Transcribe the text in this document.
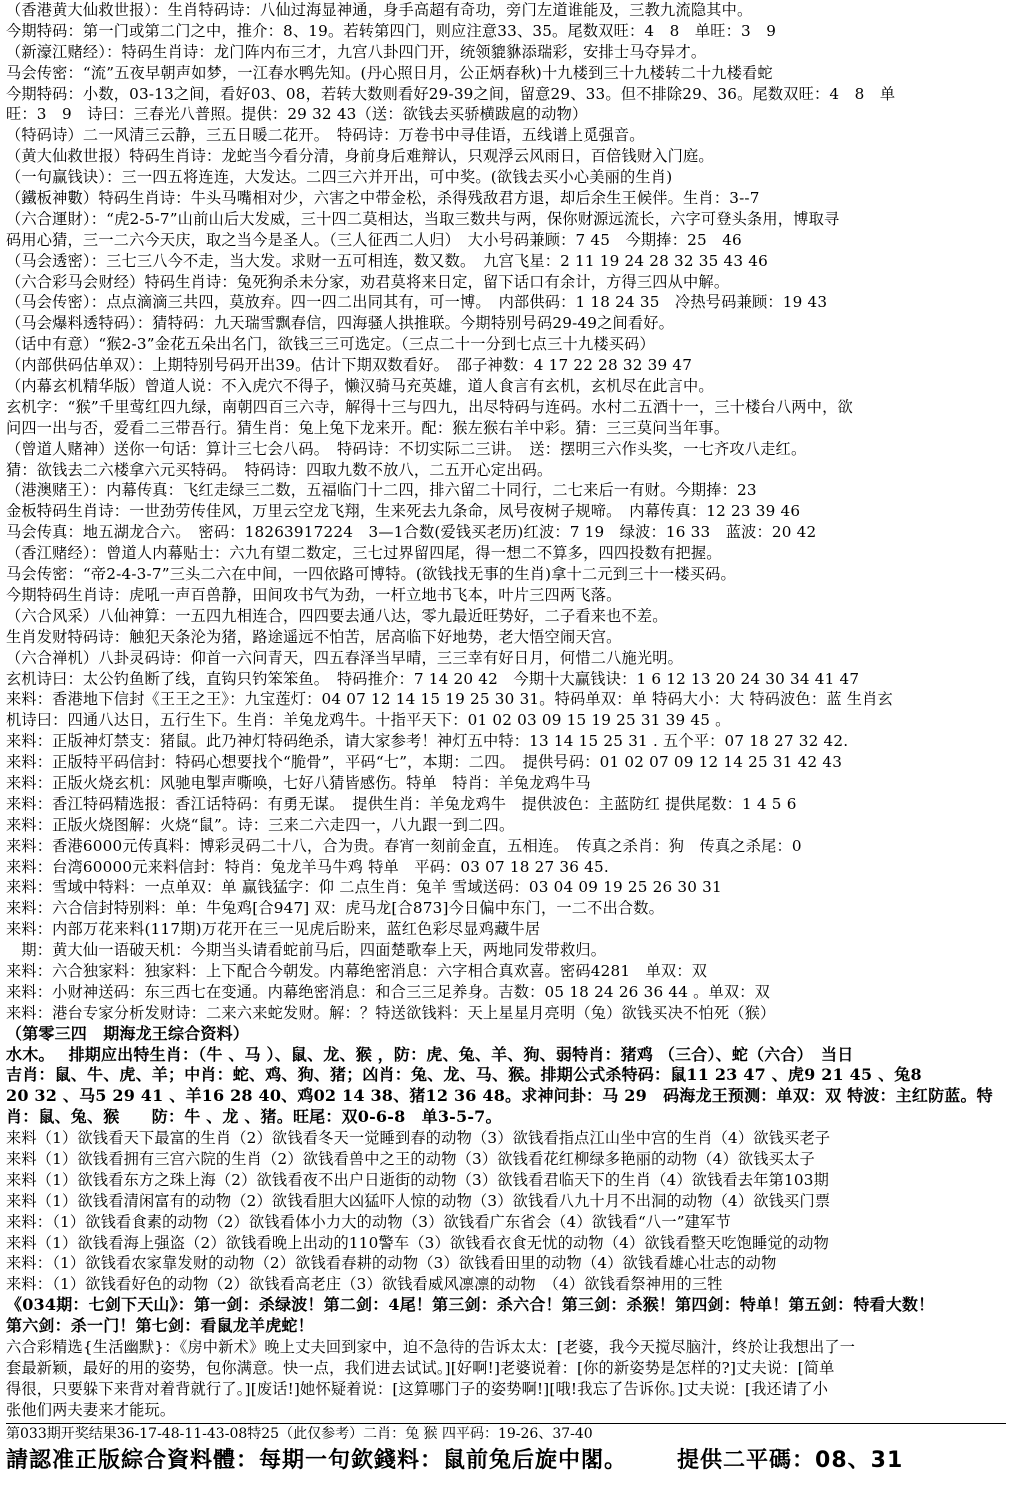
（香港黄大仙救世报）：生肖特码诗：八仙过海显神通，身手高超有奇功，旁门左道谁能及，三教九流隐其中。
今期特码：第一门或第二门之中，推介：8、19。若转第四门，则应注意33、35。尾数双旺：4　8　单旺：3　9
（新濠江赌经）：特码生肖诗：龙门阵内布三才，九宫八卦四门开，统领貔貅添瑞彩，安排士马夺异才。
马会传密：“流”五夜早朝声如梦，一江春水鸭先知。(丹心照日月，公正炳春秋)十九楼到三十九楼转二十九楼看蛇
今期特码：小数，03-13之间，看好03、08，若转大数则看好29-39之间，留意29、33。但不排除29、36。尾数双旺：4　8　单
旺：3　9　诗曰：三春光八普照。提供：29 32 43（送：欲钱去买骄横跋扈的动物）
（特码诗）二一风清三云静，三五日暖二花开。　特码诗：万卷书中寻佳语，五线谱上觅强音。
（黄大仙救世报）特码生肖诗：龙蛇当今看分清，身前身后难辩认，只观浮云风雨日，百倍钱财入门庭。
（一句赢钱诀）：三一四五将连连，大发达。二四三六并开出，可中奖。(欲钱去买小心美丽的生肖)
（鐵板神數）特码生肖诗：牛头马嘴相对少，六害之中带金松，杀得残敌君方退，却后余生王候伴。生肖：3--7
（六合運財）：“虎2-5-7”山前山后大发威，三十四二莫相达，当取三数共与两，保你财源远流长，六字可登头条用，博取寻
码用心猜，三一二六今天庆，取之当今是圣人。（三人征西二人归）　大小号码兼顾：7 45　今期捧：25　46
（马会透密）：三七三八今不走，当大发。求财一五可相连，数又数。　九宫飞星：2 11 19 24 28 32 35 43 46
（六合彩马会财经）特码生肖诗：兔死狗杀未分家，劝君莫将来日定，留下话口有余计，方得三四从中解。
（马会传密）：点点滴滴三共四，莫放弃。四一四二出同其有，可一博。　内部供码：1 18 24 35　冷热号码兼顾：19 43
（马会爆料透特码）：猜特码：九天瑞雪飘春信，四海骚人拱推联。今期特别号码29-49之间看好。
（话中有意）“猴2-3”金花五朵出名门，欲钱三三可选定。（三点二十一分到七点三十九楼买码）
（内部供码估单双）：上期特别号码开出39。估计下期双数看好。　邵子神数：4 17 22 28 32 39 47
（内幕玄机精华版）曾道人说：不入虎穴不得子，懒汉骑马充英雄，道人食言有玄机，玄机尽在此言中。
玄机字：“猴”千里莺红四九绿，南朝四百三六寺，解得十三与四九，出尽特码与连码。水村二五酒十一，三十楼台八两中，欲
问四一出与否，爱看二三带吾行。猜生肖：兔上兔下龙来开。配：猴左猴右羊中彩。猜：三三莫问当年事。
（曾道人赌神）送你一句话：算计三七会八码。　特码诗：不切实际二三讲。　送：摆明三六作头奖，一七齐攻八走红。
猜：欲钱去二六楼拿六元买特码。　特码诗：四取九数不放八，二五开心定出码。
（港澳赌王）：内幕传真：飞红走绿三二数，五福临门十二四，排六留二十同行，二七来后一有财。今期捧：23
金板特码生肖诗：一世劲劳传佳风，万里云空龙飞翔，生来死去九条命，凤号夜树子规啼。　内幕传真：12 23 39 46
马会传真：地五湖龙合六。　密码：18263917224　3—1合数(爱钱买老历)红波：7 19　绿波：16 33　蓝波：20 42
（香江赌经）：曾道人内幕贴士：六九有望二数定，三七过界留四尾，得一想二不算多，四四投数有把握。
马会传密：“帝2-4-3-7”三头二六在中间，一四依路可博特。(欲钱找无事的生肖)拿十二元到三十一楼买码。
今期特码生肖诗：虎吼一声百兽静，田间攻书气为劲，一杆立地书飞本，叶片三四两飞落。
（六合风采）八仙神算：一五四九相连合，四四要去通八达，零九最近旺势好，二子看来也不差。
生肖发财特码诗：触犯天条沦为猪，路途遥远不怕苦，居高临下好地势，老大悟空闹天宫。
（六合禅机）八卦灵码诗：仰首一六问青天，四五春泽当早晴，三三幸有好日月，何惜二八施光明。
玄机诗曰：太公钓鱼断了线，直钩只钓笨笨鱼。　特码推介：7 14 20 42　今期十大赢钱诀：1 6 12 13 20 24 30 34 41 47
来料：香港地下信封《王王之王》：九宝莲灯：04 07 12 14 15 19 25 30 31。特码单双：单 特码大小：大 特码波色：蓝 生肖玄
机诗曰：四通八达日，五行生下。生肖：羊兔龙鸡牛。十指平天下：01 02 03 09 15 19 25 31 39 45 。
来料：正版神灯禁支：猪鼠。此乃神灯特码绝杀，请大家参考！神灯五中特：13 14 15 25 31 . 五个平：07 18 27 32 42.
来料：正版特平码信封：特码心想要找个“脆骨”，平码“七”，本期：二四。　提供号码：01 02 07 09 12 14 25 31 42 43
来料：正版火烧玄机：风驰电掣声嘶唤，七好八猜皆感伤。特单　特肖：羊兔龙鸡牛马
来料：香江特码精选报：香江话特码：有勇无谋。　提供生肖：羊兔龙鸡牛　提供波色：主蓝防红 提供尾数：1 4 5 6
来料：正版火烧图解：火烧“鼠”。诗：三来二六走四一，八九跟一到二四。
来料：香港6000元传真料：博彩灵码二十八，合为贵。春宵一刻前金直，五相连。　传真之杀肖：狗　传真之杀尾：0
来料：台湾60000元来料信封：特肖：兔龙羊马牛鸡 特单　平码：03 07 18 27 36 45.
来料：雪域中特料：一点单双：单 赢钱猛字：仰 二点生肖：兔羊 雪域送码：03 04 09 19 25 26 30 31
来料：六合信封特别料：单：牛兔鸡[合947] 双：虎马龙[合873]今日偏中东门，一二不出合数。
来料：内部万花来料(117期)万花开在三一见虎后盼来，蓝红色彩尽显鸡藏牛居
　期：黄大仙一语破天机：今期当头请看蛇前马后，四面楚歌奉上天，两地同发带救归。
来料：六合独家料：独家料：上下配合今朝发。内幕绝密消息：六字相合真欢喜。密码4281　单双：双
来料：小财神送码：东三西七在变通。内幕绝密消息：和合三三足养身。吉数：05 18 24 26 36 44 。单双：双
来料：港台专家分析发财诗：二来六来蛇发财。解：？特送欲钱料：天上星星月亮明（兔）欲钱买决不怕死（猴）
（第零三四　期海龙王综合资料）
水木。　 排期应出特生肖：（牛 、马 ）、鼠、龙、猴 ，防：虎、兔、羊、狗、弱特肖：猪鸡 （三合）、蛇（六合）　当日
吉肖：鼠、牛、虎、羊；中肖：蛇、鸡、狗、猪；凶肖：兔、龙、马、猴。排期公式杀特码：鼠11 23 47 、虎9 21 45 、兔8
20 32 、马5 29 41 、羊16 28 40、鸡02 14 38、猪12 36 48。求神问卦：马 29　码海龙王预测：单双：双 特波：主红防蓝。特
肖：鼠、兔、猴　　防：牛 、龙 、猪。旺尾：双0-6-8　单3-5-7。
来料（1）欲钱看天下最富的生肖（2）欲钱看冬天一觉睡到春的动物（3）欲钱看指点江山坐中宫的生肖（4）欲钱买老子
来料（1）欲钱看拥有三宫六院的生肖（2）欲钱看兽中之王的动物（3）欲钱看花红柳绿多艳丽的动物（4）欲钱买太子
来料（1）欲钱看东方之珠上海（2）欲钱看夜不出户日逝街的动物（3）欲钱看君临天下的生肖（4）欲钱看去年第103期
来料（1）欲钱看清闲富有的动物（2）欲钱看胆大凶猛吓人惊的动物（3）欲钱看八九十月不出洞的动物（4）欲钱买门票
来料：（1）欲钱看食素的动物（2）欲钱看体小力大的动物（3）欲钱看广东省会（4）欲钱看“八一”建军节
来料（1）欲钱看海上强盗（2）欲钱看晚上出动的110警车（3）欲钱看衣食无忧的动物（4）欲钱看整天吃饱睡觉的动物
来料：（1）欲钱看农家靠发财的动物（2）欲钱看春耕的动物（3）欲钱看田里的动物（4）欲钱看雄心壮志的动物
来料：（1）欲钱看好色的动物（2）欲钱看高老庄（3）欲钱看威风凛凛的动物　（4）欲钱看祭神用的三牲
《034期：七剑下天山》：第一剑：杀绿波！第二剑：4尾！第三剑：杀六合！第三剑：杀猴！第四剑：特单！第五剑：特看大数！
第六剑：杀一门！第七剑：看鼠龙羊虎蛇！
六合彩精选{生活幽默}：《房中新术》晚上丈夫回到家中，迫不急待的告诉太太：[老婆，我今天搅尽脑汁，终於让我想出了一
套最新颖，最好的用的姿势，包你满意。快一点，我们进去试试。][好啊!]老婆说着：[你的新姿势是怎样的?]丈夫说：[简单
得很，只要躲下来背对着背就行了。][废话!]她怀疑着说：[这算哪门子的姿势啊!][哦!我忘了告诉你。]丈夫说：[我还请了小
张他们两夫妻来才能玩。
第033期开奖结果36-17-48-11-43-08特25（此仅参考）二肖：兔 猴 四平码：19-26、37-40
請認准正版綜合資料體：每期一句欽錢料：鼠前兔后旋中閣。 提供二平碼：08、31
